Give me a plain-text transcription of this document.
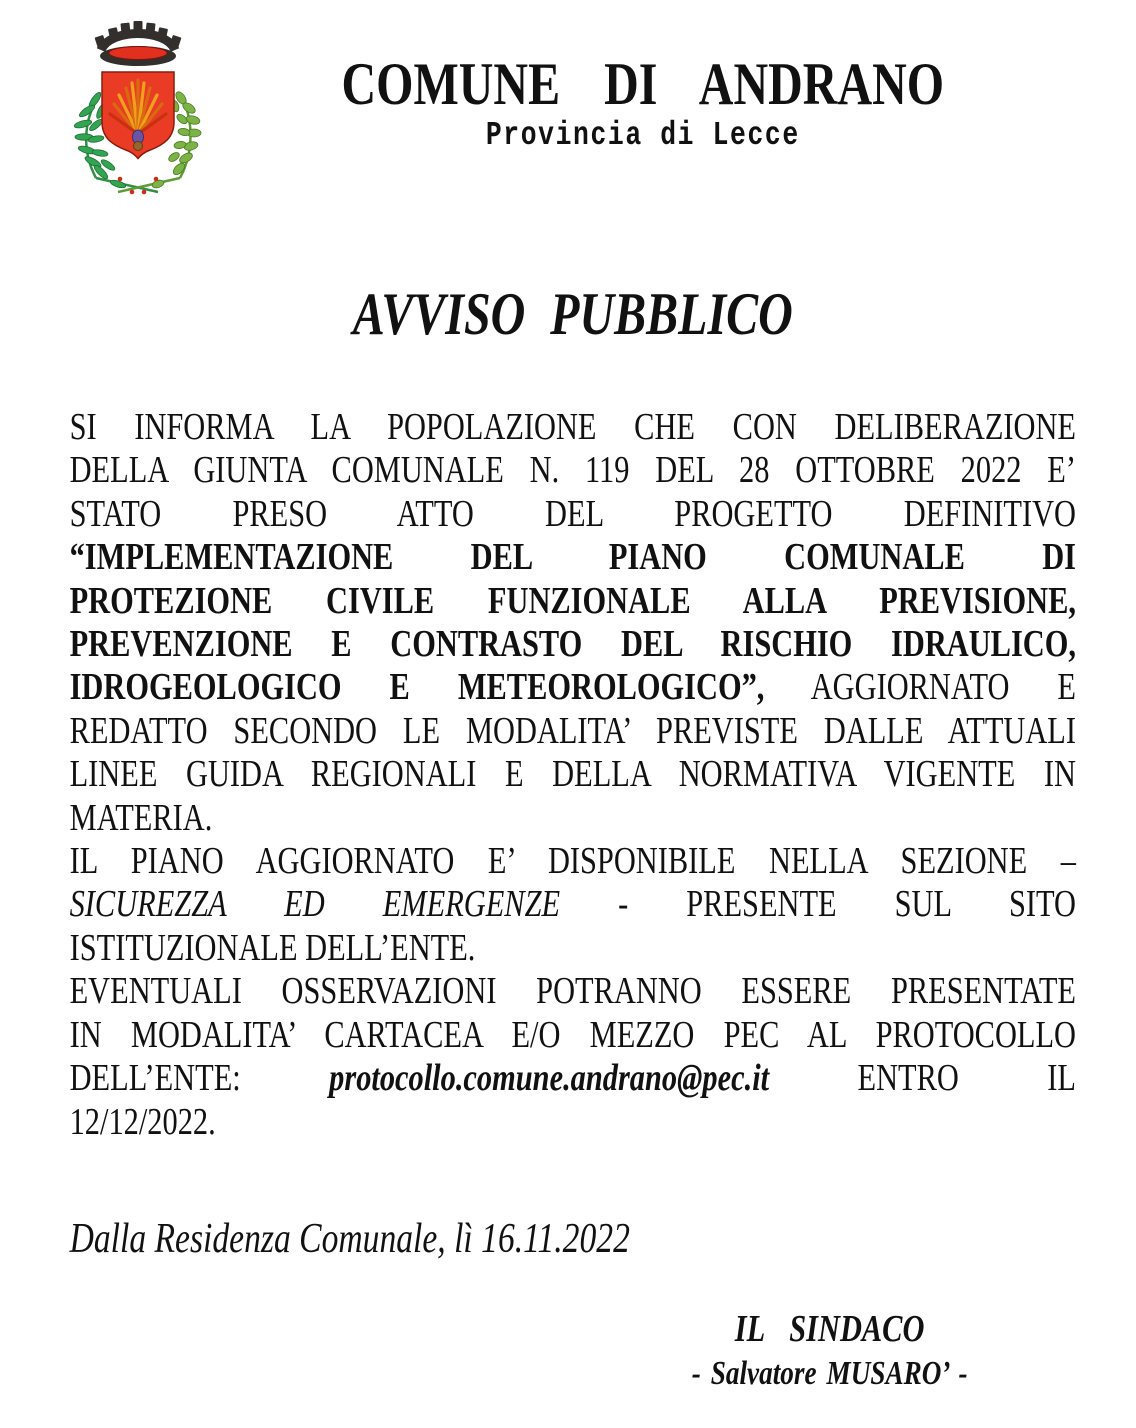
COMUNE DI ANDRANO
Provincia di Lecce
AVVISO PUBBLICO
SI INFORMA LA POPOLAZIONE CHE CON DELIBERAZIONE
DELLA GIUNTA COMUNALE N. 119 DEL 28 OTTOBRE 2022 E’
STATO PRESO ATTO DEL PROGETTO DEFINITIVO
“IMPLEMENTAZIONE DEL PIANO COMUNALE DI
PROTEZIONE CIVILE FUNZIONALE ALLA PREVISIONE,
PREVENZIONE E CONTRASTO DEL RISCHIO IDRAULICO,
IDROGEOLOGICO E METEOROLOGICO”, AGGIORNATO E
REDATTO SECONDO LE MODALITA’ PREVISTE DALLE ATTUALI
LINEE GUIDA REGIONALI E DELLA NORMATIVA VIGENTE IN
MATERIA.
IL PIANO AGGIORNATO E’ DISPONIBILE NELLA SEZIONE –
SICUREZZA ED EMERGENZE - PRESENTE SUL SITO
ISTITUZIONALE DELL’ENTE.
EVENTUALI OSSERVAZIONI POTRANNO ESSERE PRESENTATE
IN MODALITA’ CARTACEA E/O MEZZO PEC AL PROTOCOLLO
DELL’ENTE: protocollo.comune.andrano@pec.it ENTRO IL
12/12/2022.
Dalla Residenza Comunale, lì 16.11.2022
IL SINDACO
- Salvatore MUSARO’ -
